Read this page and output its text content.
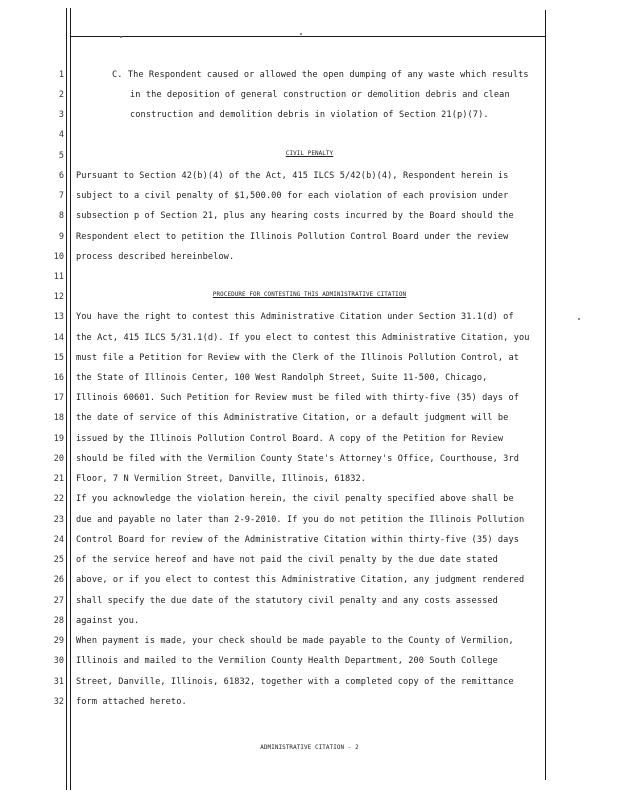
1
2
3
4
5
6
7
8
9
10
11
12
13
14
15
16
17
18
19
20
21
22
23
24
25
26
27
28
29
30
31
32
C. The Respondent caused or allowed the open dumping of any waste which results
in the deposition of general construction or demolition debris and clean
construction and demolition debris in violation of Section 21(p)(7).
CIVIL PENALTY
Pursuant to Section 42(b)(4) of the Act, 415 ILCS 5/42(b)(4), Respondent herein is
subject to a civil penalty of $1,500.00 for each violation of each provision under
subsection p of Section 21, plus any hearing costs incurred by the Board should the
Respondent elect to petition the Illinois Pollution Control Board under the review
process described hereinbelow.
PROCEDURE FOR CONTESTING THIS ADMINISTRATIVE CITATION
You have the right to contest this Administrative Citation under Section 31.1(d) of
the Act, 415 ILCS 5/31.1(d). If you elect to contest this Administrative Citation, you
must file a Petition for Review with the Clerk of the Illinois Pollution Control, at
the State of Illinois Center, 100 West Randolph Street, Suite 11-500, Chicago,
Illinois 60601. Such Petition for Review must be filed with thirty-five (35) days of
the date of service of this Administrative Citation, or a default judgment will be
issued by the Illinois Pollution Control Board. A copy of the Petition for Review
should be filed with the Vermilion County State's Attorney's Office, Courthouse, 3rd
Floor, 7 N Vermilion Street, Danville, Illinois, 61832.
If you acknowledge the violation herein, the civil penalty specified above shall be
due and payable no later than 2-9-2010. If you do not petition the Illinois Pollution
Control Board for review of the Administrative Citation within thirty-five (35) days
of the service hereof and have not paid the civil penalty by the due date stated
above, or if you elect to contest this Administrative Citation, any judgment rendered
shall specify the due date of the statutory civil penalty and any costs assessed
against you.
When payment is made, your check should be made payable to the County of Vermilion,
Illinois and mailed to the Vermilion County Health Department, 200 South College
Street, Danville, Illinois, 61832, together with a completed copy of the remittance
form attached hereto.
ADMINISTRATIVE CITATION - 2
